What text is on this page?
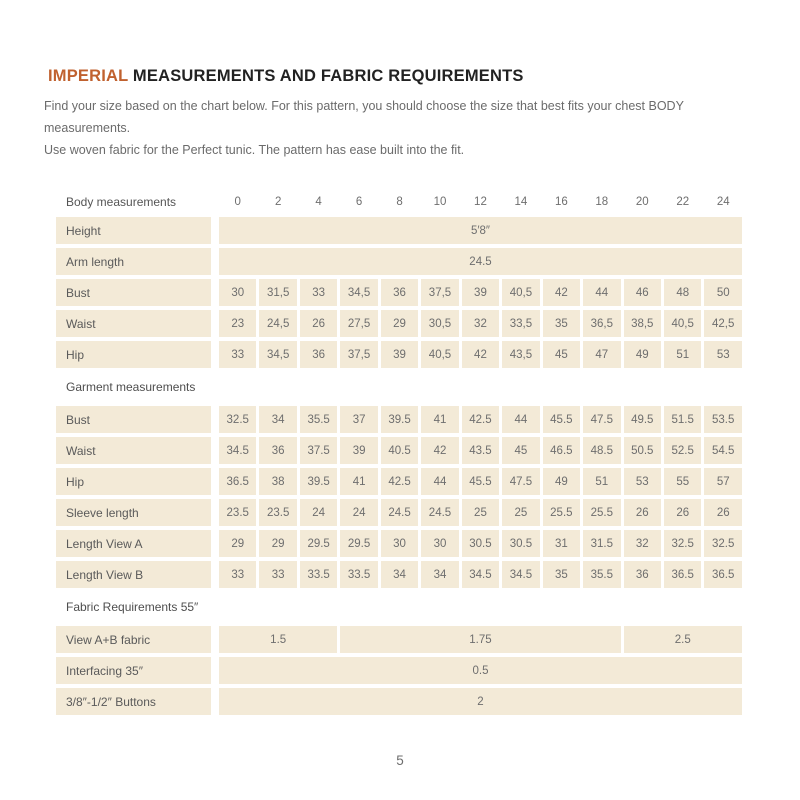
IMPERIAL MEASUREMENTS AND FABRIC REQUIREMENTS

Find your size based on the chart below. For this pattern, you should choose the size that best fits your chest BODY measurements.

Use woven fabric for the Perfect tunic. The pattern has ease built into the fit.

Body measurements	0	2	4	6	8	10	12	14	16	18	20	22	24
Height	5′8″												
Arm length	24.5												
Bust	30	31,5	33	34,5	36	37,5	39	40,5	42	44	46	48	50
Waist	23	24,5	26	27,5	29	30,5	32	33,5	35	36,5	38,5	40,5	42,5
Hip	33	34,5	36	37,5	39	40,5	42	43,5	45	47	49	51	53
Garment measurements													
Bust	32.5	34	35.5	37	39.5	41	42.5	44	45.5	47.5	49.5	51.5	53.5
Waist	34.5	36	37.5	39	40.5	42	43.5	45	46.5	48.5	50.5	52.5	54.5
Hip	36.5	38	39.5	41	42.5	44	45.5	47.5	49	51	53	55	57
Sleeve length	23.5	23.5	24	24	24.5	24.5	25	25	25.5	25.5	26	26	26
Length View A	29	29	29.5	29.5	30	30	30.5	30.5	31	31.5	32	32.5	32.5
Length View B	33	33	33.5	33.5	34	34	34.5	34.5	35	35.5	36	36.5	36.5
Fabric Requirements 55″													
View A+B fabric	1.5			1.75							2.5		
Interfacing 35″	0.5												
3/8″-1/2″ Buttons	2												
5
